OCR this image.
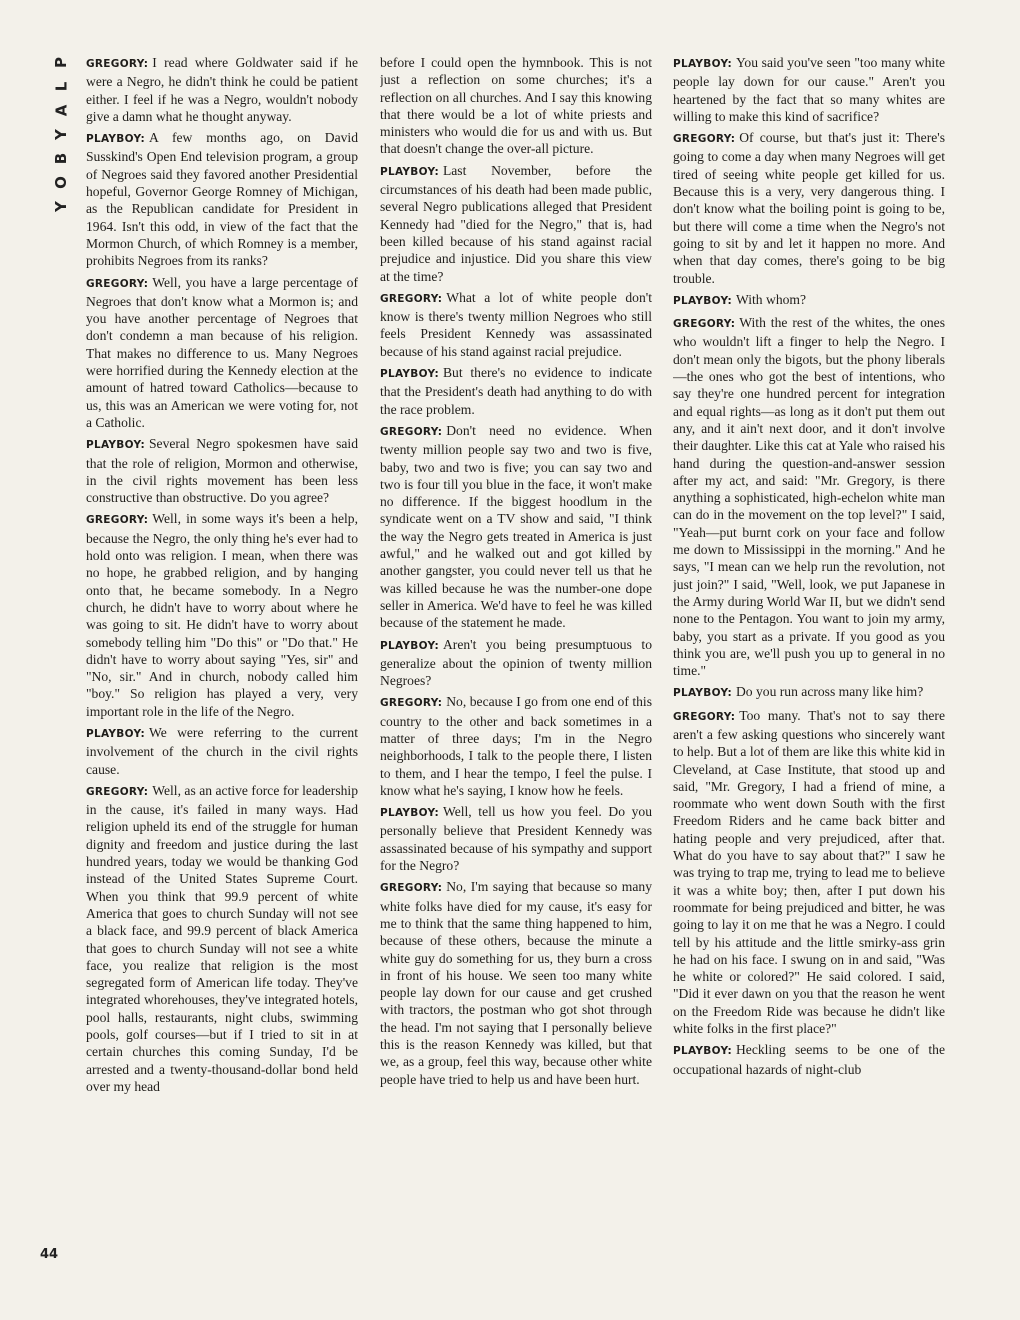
P
L
A
Y
B
O
Y

GREGORY: I read where Goldwater said if he were a Negro, he didn't think he could be patient either. I feel if he was a Negro, wouldn't nobody give a damn what he thought anyway.

PLAYBOY: A few months ago, on David Susskind's Open End television program, a group of Negroes said they favored another Presidential hopeful, Governor George Romney of Michigan, as the Republican candidate for President in 1964. Isn't this odd, in view of the fact that the Mormon Church, of which Romney is a member, prohibits Negroes from its ranks?

GREGORY: Well, you have a large percentage of Negroes that don't know what a Mormon is; and you have another percentage of Negroes that don't condemn a man because of his religion. That makes no difference to us. Many Negroes were horrified during the Kennedy election at the amount of hatred toward Catholics—because to us, this was an American we were voting for, not a Catholic.

PLAYBOY: Several Negro spokesmen have said that the role of religion, Mormon and otherwise, in the civil rights movement has been less constructive than obstructive. Do you agree?

GREGORY: Well, in some ways it's been a help, because the Negro, the only thing he's ever had to hold onto was religion. I mean, when there was no hope, he grabbed religion, and by hanging onto that, he became somebody. In a Negro church, he didn't have to worry about where he was going to sit. He didn't have to worry about somebody telling him "Do this" or "Do that." He didn't have to worry about saying "Yes, sir" and "No, sir." And in church, nobody called him "boy." So religion has played a very, very important role in the life of the Negro.

PLAYBOY: We were referring to the current involvement of the church in the civil rights cause.

GREGORY: Well, as an active force for leadership in the cause, it's failed in many ways. Had religion upheld its end of the struggle for human dignity and freedom and justice during the last hundred years, today we would be thanking God instead of the United States Supreme Court. When you think that 99.9 percent of white America that goes to church Sunday will not see a black face, and 99.9 percent of black America that goes to church Sunday will not see a white face, you realize that religion is the most segregated form of American life today. They've integrated whorehouses, they've integrated hotels, pool halls, restaurants, night clubs, swimming pools, golf courses—but if I tried to sit in at certain churches this coming Sunday, I'd be arrested and a twenty-thousand-dollar bond held over my head

before I could open the hymnbook. This is not just a reflection on some churches; it's a reflection on all churches. And I say this knowing that there would be a lot of white priests and ministers who would die for us and with us. But that doesn't change the over-all picture.

PLAYBOY: Last November, before the circumstances of his death had been made public, several Negro publications alleged that President Kennedy had "died for the Negro," that is, had been killed because of his stand against racial prejudice and injustice. Did you share this view at the time?

GREGORY: What a lot of white people don't know is there's twenty million Negroes who still feels President Kennedy was assassinated because of his stand against racial prejudice.

PLAYBOY: But there's no evidence to indicate that the President's death had anything to do with the race problem.

GREGORY: Don't need no evidence. When twenty million people say two and two is five, baby, two and two is five; you can say two and two is four till you blue in the face, it won't make no difference. If the biggest hoodlum in the syndicate went on a TV show and said, "I think the way the Negro gets treated in America is just awful," and he walked out and got killed by another gangster, you could never tell us that he was killed because he was the number-one dope seller in America. We'd have to feel he was killed because of the statement he made.

PLAYBOY: Aren't you being presumptuous to generalize about the opinion of twenty million Negroes?

GREGORY: No, because I go from one end of this country to the other and back sometimes in a matter of three days; I'm in the Negro neighborhoods, I talk to the people there, I listen to them, and I hear the tempo, I feel the pulse. I know what he's saying, I know how he feels.

PLAYBOY: Well, tell us how you feel. Do you personally believe that President Kennedy was assassinated because of his sympathy and support for the Negro?

GREGORY: No, I'm saying that because so many white folks have died for my cause, it's easy for me to think that the same thing happened to him, because of these others, because the minute a white guy do something for us, they burn a cross in front of his house. We seen too many white people lay down for our cause and get crushed with tractors, the postman who got shot through the head. I'm not saying that I personally believe this is the reason Kennedy was killed, but that we, as a group, feel this way, because other white people have tried to help us and have been hurt.

PLAYBOY: You said you've seen "too many white people lay down for our cause." Aren't you heartened by the fact that so many whites are willing to make this kind of sacrifice?

GREGORY: Of course, but that's just it: There's going to come a day when many Negroes will get tired of seeing white people get killed for us. Because this is a very, very dangerous thing. I don't know what the boiling point is going to be, but there will come a time when the Negro's not going to sit by and let it happen no more. And when that day comes, there's going to be big trouble.

PLAYBOY: With whom?

GREGORY: With the rest of the whites, the ones who wouldn't lift a finger to help the Negro. I don't mean only the bigots, but the phony liberals—the ones who got the best of intentions, who say they're one hundred percent for integration and equal rights—as long as it don't put them out any, and it ain't next door, and it don't involve their daughter. Like this cat at Yale who raised his hand during the question-and-answer session after my act, and said: "Mr. Gregory, is there anything a sophisticated, high-echelon white man can do in the movement on the top level?" I said, "Yeah—put burnt cork on your face and follow me down to Mississippi in the morning." And he says, "I mean can we help run the revolution, not just join?" I said, "Well, look, we put Japanese in the Army during World War II, but we didn't send none to the Pentagon. You want to join my army, baby, you start as a private. If you good as you think you are, we'll push you up to general in no time."

PLAYBOY: Do you run across many like him?

GREGORY: Too many. That's not to say there aren't a few asking questions who sincerely want to help. But a lot of them are like this white kid in Cleveland, at Case Institute, that stood up and said, "Mr. Gregory, I had a friend of mine, a roommate who went down South with the first Freedom Riders and he came back bitter and hating people and very prejudiced, after that. What do you have to say about that?" I saw he was trying to trap me, trying to lead me to believe it was a white boy; then, after I put down his roommate for being prejudiced and bitter, he was going to lay it on me that he was a Negro. I could tell by his attitude and the little smirky-ass grin he had on his face. I swung on in and said, "Was he white or colored?" He said colored. I said, "Did it ever dawn on you that the reason he went on the Freedom Ride was because he didn't like white folks in the first place?"

PLAYBOY: Heckling seems to be one of the occupational hazards of night-club

44
